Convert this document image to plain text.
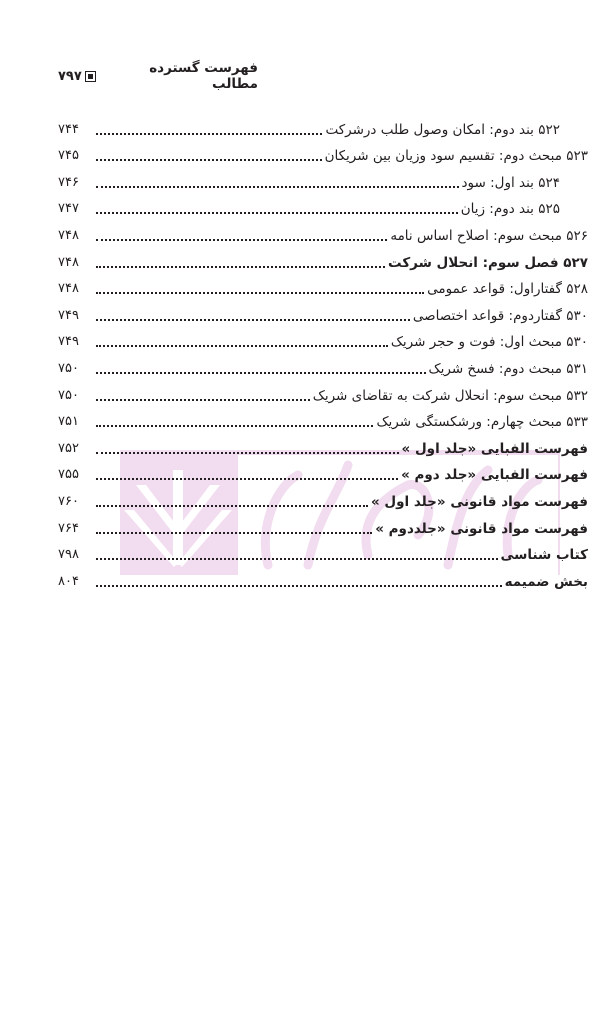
فهرست گسترده مطالب
۷۹۷
۵۲۲ بند دوم: امکان وصول طلب درشرکت
۷۴۴
۵۲۳ مبحث دوم: تقسیم سود وزیان بین شریکان
۷۴۵
۵۲۴ بند اول: سود
۷۴۶
۵۲۵ بند دوم: زیان
۷۴۷
۵۲۶ مبحث سوم: اصلاح اساس نامه
۷۴۸
۵۲۷ فصل سوم: انحلال شرکت
۷۴۸
۵۲۸ گفتاراول: قواعد عمومی
۷۴۸
۵۳۰ گفتاردوم: قواعد اختصاصی
۷۴۹
۵۳۰ مبحث اول: فوت و حجر شریک
۷۴۹
۵۳۱ مبحث دوم: فسخ شریک
۷۵۰
۵۳۲ مبحث سوم: انحلال شرکت به تقاضای شریک
۷۵۰
۵۳۳ مبحث چهارم: ورشکستگی شریک
۷۵۱
فهرست الفبایی «جلد اول »
۷۵۲
فهرست الفبایی «جلد دوم »
۷۵۵
فهرست مواد قانونی «جلد اول »
۷۶۰
فهرست مواد قانونی «جلددوم »
۷۶۴
کتاب شناسی
۷۹۸
بخش ضمیمه
۸۰۴
